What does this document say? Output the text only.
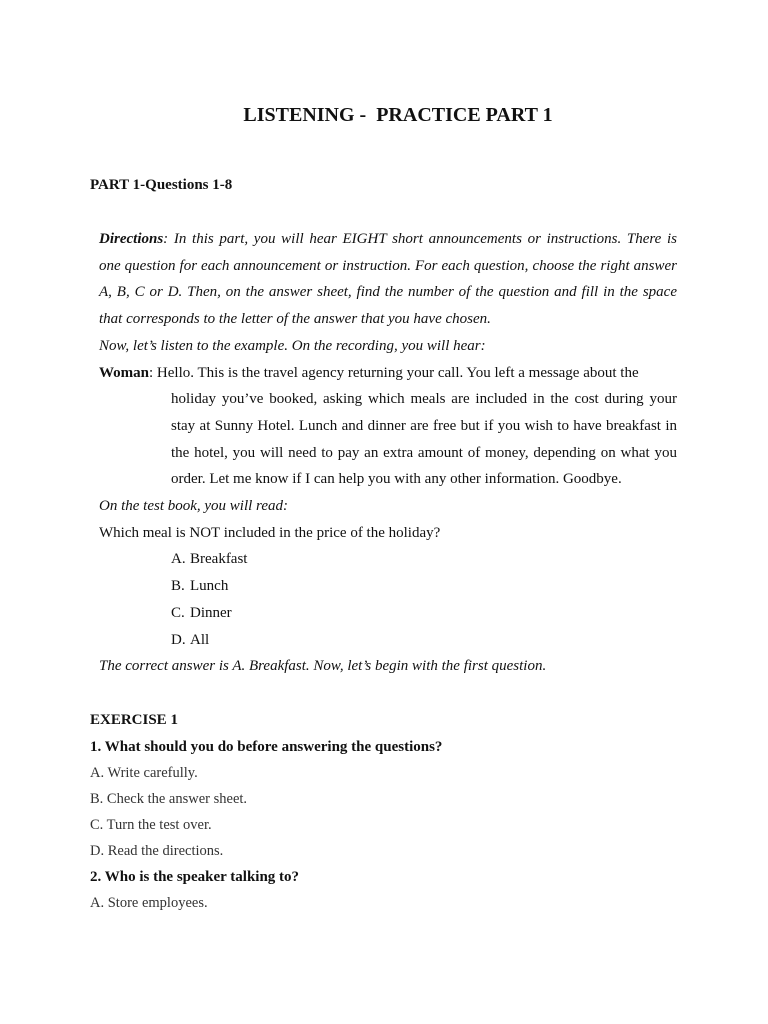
LISTENING -  PRACTICE PART 1
PART 1-Questions 1-8

Directions: In this part, you will hear EIGHT short announcements or instructions. There is one question for each announcement or instruction. For each question, choose the right answer A, B, C or D. Then, on the answer sheet, find the number of the question and fill in the space that corresponds to the letter of the answer that you have chosen.

Now, let’s listen to the example. On the recording, you will hear:

Woman: Hello. This is the travel agency returning your call. You left a message about the

holiday you’ve booked, asking which meals are included in the cost during your stay at Sunny Hotel. Lunch and dinner are free but if you wish to have breakfast in the hotel, you will need to pay an extra amount of money, depending on what you order. Let me know if I can help you with any other information. Goodbye.

On the test book, you will read:

Which meal is NOT included in the price of the holiday?

A. Breakfast
B. Lunch
C. Dinner
D. All

The correct answer is A. Breakfast. Now, let’s begin with the first question.

EXERCISE 1
1. What should you do before answering the questions?
A. Write carefully.
B. Check the answer sheet.
C. Turn the test over.
D. Read the directions.
2. Who is the speaker talking to?
A. Store employees.
